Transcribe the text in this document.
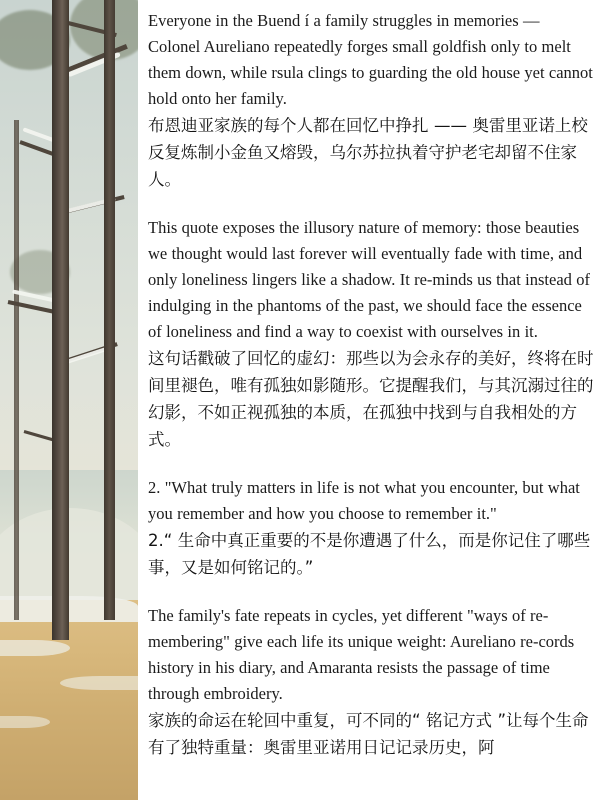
Everyone in the Buend í a family struggles in memories — Colonel Aureliano repeatedly forges small goldfish only to melt them down, while rsula clings to guarding the old house yet cannot hold onto her family.

布恩迪亚家族的每个人都在回忆中挣扎 —— 奥雷里亚诺上校反复炼制小金鱼又熔毁，乌尔苏拉执着守护老宅却留不住家人。

This quote exposes the illusory nature of memory: those beauties we thought would last forever will eventually fade with time, and only loneliness lingers like a shadow. It re-minds us that instead of indulging in the phantoms of the past, we should face the essence of loneliness and find a way to coexist with ourselves in it.

这句话戳破了回忆的虚幻：那些以为会永存的美好，终将在时间里褪色，唯有孤独如影随形。它提醒我们，与其沉溺过往的幻影，不如正视孤独的本质，在孤独中找到与自我相处的方式。

2. "What truly matters in life is not what you encounter, but what you remember and how you choose to remember it."

2.“ 生命中真正重要的不是你遭遇了什么，而是你记住了哪些事，又是如何铭记的。”

The family's fate repeats in cycles, yet different "ways of re-membering" give each life its unique weight: Aureliano re-cords history in his diary, and Amaranta resists the passage of time through embroidery.

家族的命运在轮回中重复，可不同的“ 铭记方式 ”让每个生命有了独特重量：奥雷里亚诺用日记记录历史，阿
